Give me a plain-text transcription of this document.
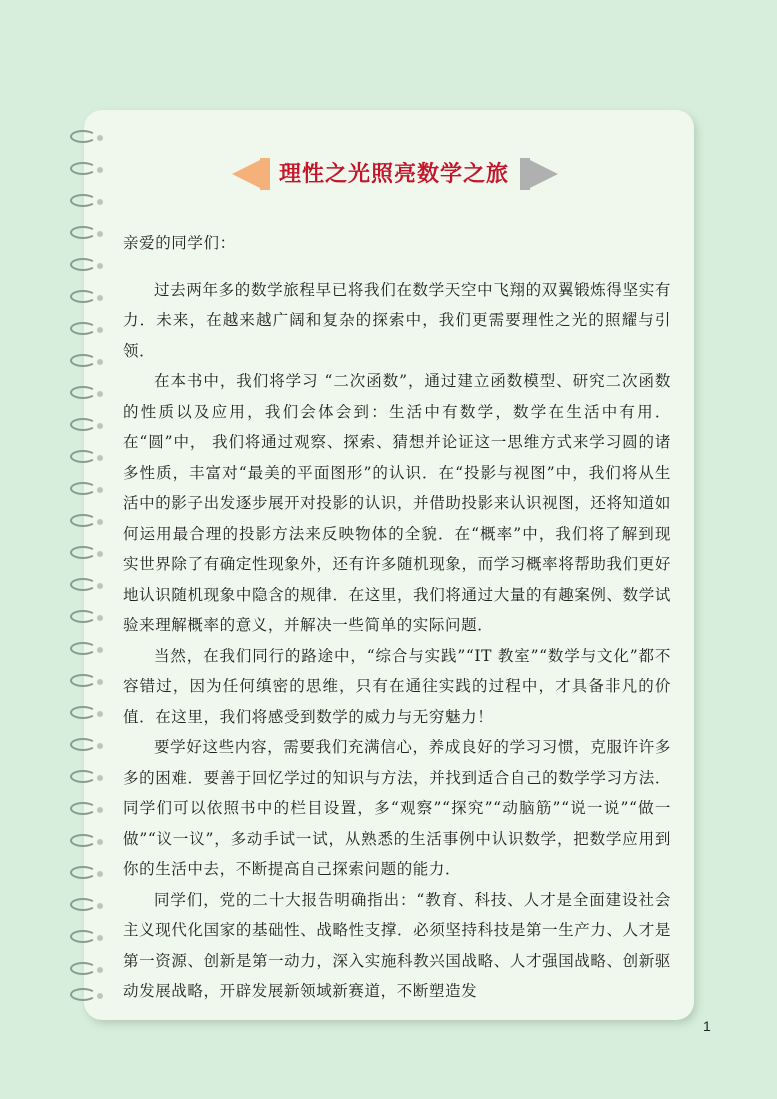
理性之光照亮数学之旅

亲爱的同学们：

过去两年多的数学旅程早已将我们在数学天空中飞翔的双翼锻炼得坚实有力．未来，在越来越广阔和复杂的探索中，我们更需要理性之光的照耀与引领．

在本书中，我们将学习 “二次函数”，通过建立函数模型、研究二次函数的性质以及应用，我们会体会到：生活中有数学，数学在生活中有用．在“圆”中， 我们将通过观察、探索、猜想并论证这一思维方式来学习圆的诸多性质，丰富对“最美的平面图形”的认识．在“投影与视图”中，我们将从生活中的影子出发逐步展开对投影的认识，并借助投影来认识视图，还将知道如何运用最合理的投影方法来反映物体的全貌．在“概率”中，我们将了解到现实世界除了有确定性现象外，还有许多随机现象，而学习概率将帮助我们更好地认识随机现象中隐含的规律．在这里，我们将通过大量的有趣案例、数学试验来理解概率的意义，并解决一些简单的实际问题．

当然，在我们同行的路途中，“综合与实践”“IT 教室”“数学与文化”都不容错过，因为任何缜密的思维，只有在通往实践的过程中，才具备非凡的价值．在这里，我们将感受到数学的威力与无穷魅力！

要学好这些内容，需要我们充满信心，养成良好的学习习惯，克服许许多多的困难．要善于回忆学过的知识与方法，并找到适合自己的数学学习方法．同学们可以依照书中的栏目设置，多“观察”“探究”“动脑筋”“说一说”“做一做”“议一议”，多动手试一试，从熟悉的生活事例中认识数学，把数学应用到你的生活中去，不断提高自己探索问题的能力．

同学们，党的二十大报告明确指出：“教育、科技、人才是全面建设社会主义现代化国家的基础性、战略性支撑．必须坚持科技是第一生产力、人才是第一资源、创新是第一动力，深入实施科教兴国战略、人才强国战略、创新驱动发展战略，开辟发展新领域新赛道，不断塑造发

1
